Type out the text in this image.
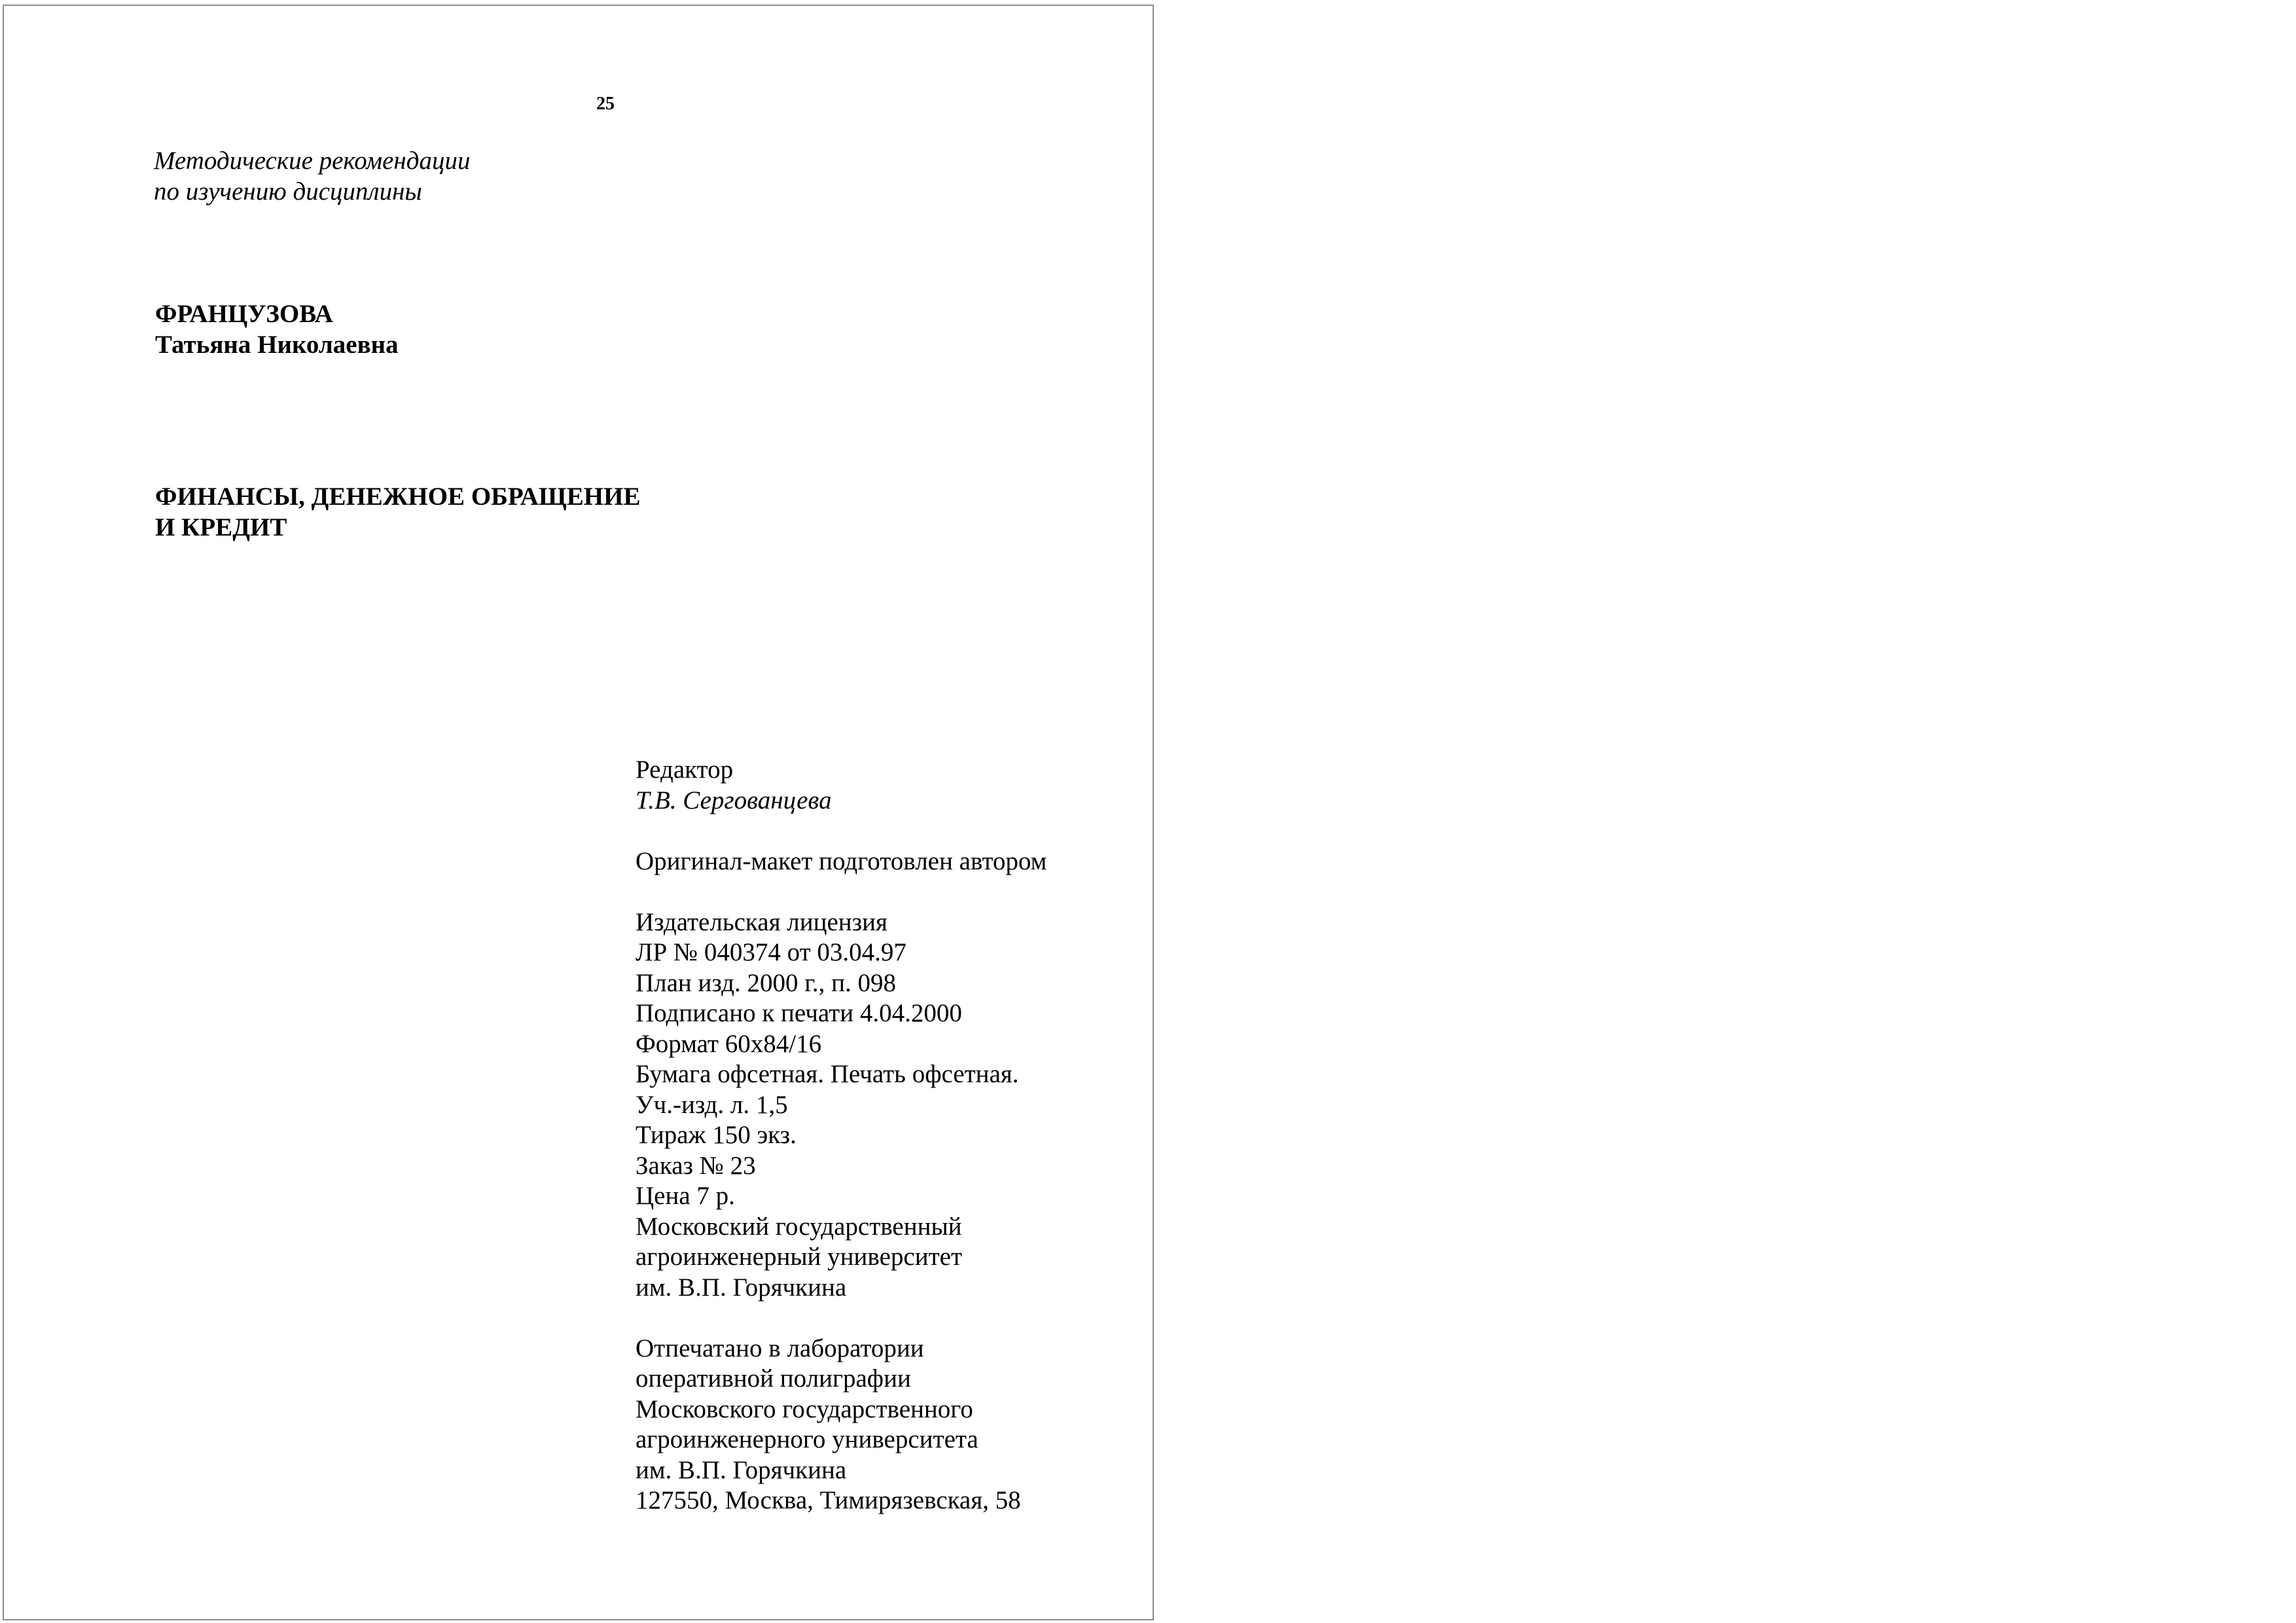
25
Методические рекомендации
по изучению дисциплины
ФРАНЦУЗОВА
Татьяна Николаевна
ФИНАНСЫ, ДЕНЕЖНОЕ ОБРАЩЕНИЕ
И КРЕДИТ
Редактор
Т.В. Сергованцева
Оригинал-макет подготовлен автором
Издательская лицензия
ЛР № 040374 от 03.04.97
План изд. 2000 г., п. 098
Подписано к печати 4.04.2000
Формат 60x84/16
Бумага офсетная. Печать офсетная.
Уч.-изд. л. 1,5
Тираж 150 экз.
Заказ № 23
Цена 7 р.
Московский государственный
агроинженерный университет
им. В.П. Горячкина
Отпечатано в лаборатории
оперативной полиграфии
Московского государственного
агроинженерного университета
им. В.П. Горячкина
127550, Москва, Тимирязевская, 58
